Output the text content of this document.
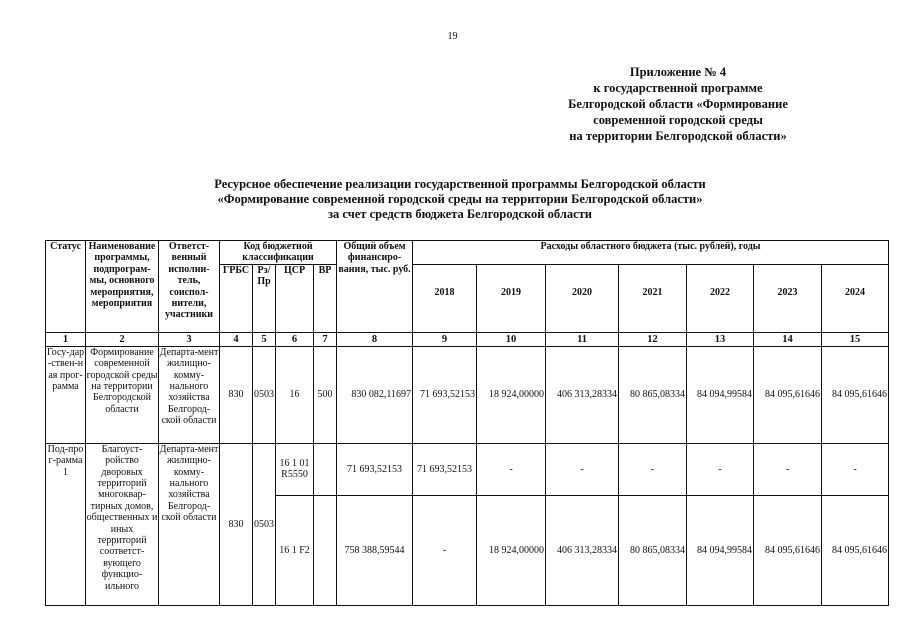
19
Приложение № 4
к государственной программе
Белгородской области «Формирование
современной городской среды
на территории Белгородской области»
Ресурсное обеспечение реализации государственной программы Белгородской области
«Формирование современной городской среды на территории Белгородской области»
за счет средств бюджета Белгородской области
Статус	Наименование программы, подпрограм-мы, основного мероприятия, мероприятия	Ответст-венный исполни-тель, соиспол-нители, участники	Код бюджетной классификации				Общий объем финансиро-вания, тыс. руб.	Расходы областного бюджета (тыс. рублей), годы						
			ГРБС	Рз/ Пр	ЦСР	ВР		2018	2019	2020	2021	2022	2023	2024
1	2	3	4	5	6	7	8	9	10	11	12	13	14	15
Госу-дар-ствен-ная прог-рамма	Формирование современной городской среды на территории Белгородской области	Департа-мент жилищно-комму-нального хозяйства Белгород-ской области	830	0503	16	500	830 082,11697	71 693,52153	18 924,00000	406 313,28334	80 865,08334	84 094,99584	84 095,61646	84 095,61646
Под-прог-рамма 1	Благоуст-ройство дворовых территорий многоквар-тирных домов, общественных и иных территорий соответст-вующего функцио-ильного	Департа-мент жилищно-комму-нального хозяйства Белгород-ской области	830	0503	16 1 01 R5550		71 693,52153	71 693,52153	-	-	-	-	-	-
					16 1 F2		758 388,59544	-	18 924,00000	406 313,28334	80 865,08334	84 094,99584	84 095,61646	84 095,61646
